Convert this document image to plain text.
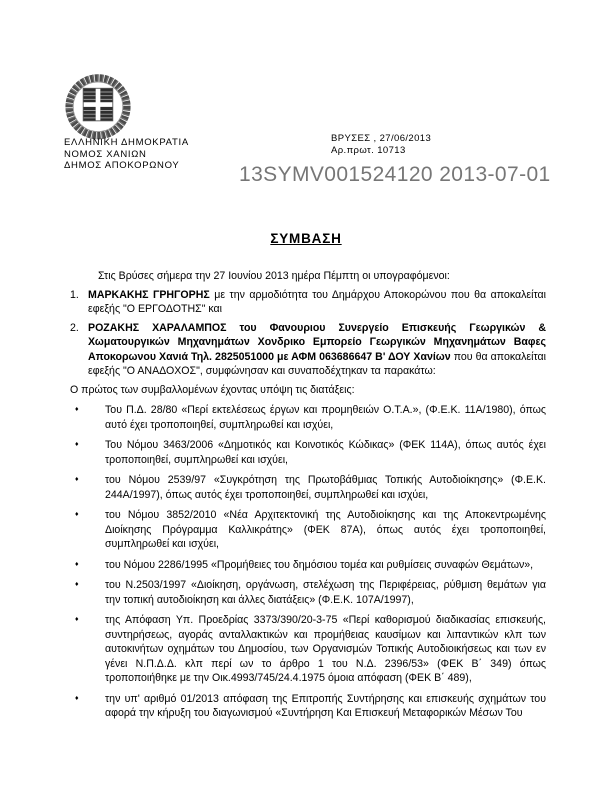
ΕΛΛΗΝΙΚΗ ΔΗΜΟΚΡΑΤΙΑ
ΝΟΜΟΣ ΧΑΝΙΩΝ
ΔΗΜΟΣ ΑΠΟΚΟΡΩΝΟΥ
ΒΡΥΣΕΣ , 27/06/2013
Αρ.πρωτ. 10713
13SYMV001524120 2013-07-01
ΣΥΜΒΑΣΗ

Στις Βρύσες σήμερα την 27 Ιουνίου 2013 ημέρα Πέμπτη οι υπογραφόμενοι:

1. ΜΑΡΚΑΚΗΣ ΓΡΗΓΟΡΗΣ με την αρμοδιότητα του Δημάρχου Αποκορώνου που θα αποκαλείται εφεξής "Ο ΕΡΓΟΔΟΤΗΣ" και
2. ΡΟΖΑΚΗΣ ΧΑΡΑΛΑΜΠΟΣ του Φανουριου Συνεργείο Επισκευής Γεωργικών & Χωματουργικών Μηχανημάτων Χονδρικο Εμπορείο Γεωργικών Μηχανημάτων Βαφες Αποκορωνου Χανιά Τηλ. 2825051000 με ΑΦΜ 063686647 Β' ΔΟΥ Χανίων που θα αποκαλείται εφεξής "Ο ΑΝΑΔΟΧΟΣ", συμφώνησαν και συναποδέχτηκαν τα παρακάτω:

Ο πρώτος των συμβαλλομένων έχοντας υπόψη τις διατάξεις:

♦	Του Π.Δ. 28/80 «Περί εκτελέσεως έργων και προμηθειών Ο.Τ.Α.», (Φ.Ε.Κ. 11Α/1980), όπως αυτό έχει τροποποιηθεί, συμπληρωθεί και ισχύει,
♦	Του Νόμου 3463/2006 «Δημοτικός και Κοινοτικός Κώδικας» (ΦΕΚ 114Α), όπως αυτός έχει τροποποιηθεί, συμπληρωθεί και ισχύει,
♦	του Νόμου 2539/97 «Συγκρότηση της Πρωτοβάθμιας Τοπικής Αυτοδιοίκησης» (Φ.Ε.Κ. 244Α/1997), όπως αυτός έχει τροποποιηθεί, συμπληρωθεί και ισχύει,
♦	του Νόμου 3852/2010 «Νέα Αρχιτεκτονική της Αυτοδιοίκησης και της Αποκεντρωμένης Διοίκησης Πρόγραμμα Καλλικράτης» (ΦΕΚ 87Α), όπως αυτός έχει τροποποιηθεί, συμπληρωθεί και ισχύει,
♦	του Νόμου 2286/1995 «Προμήθειες του δημόσιου τομέα και ρυθμίσεις συναφών Θεμάτων»,
♦	του Ν.2503/1997 «Διοίκηση, οργάνωση, στελέχωση της Περιφέρειας, ρύθμιση θεμάτων για την τοπική αυτοδιοίκηση και άλλες διατάξεις» (Φ.Ε.Κ. 107Α/1997),
♦	της Απόφαση Υπ. Προεδρίας 3373/390/20-3-75 «Περί καθορισμού διαδικασίας επισκευής, συντηρήσεως, αγοράς ανταλλακτικών και προμήθειας καυσίμων και λιπαντικών κλπ των αυτοκινήτων οχημάτων του Δημοσίου, των Οργανισμών Τοπικής Αυτοδιοικήσεως και των εν γένει Ν.Π.Δ.Δ. κλπ περί ων το άρθρο 1 του Ν.Δ. 2396/53» (ΦΕΚ Β΄ 349) όπως τροποποιήθηκε με την Οικ.4993/745/24.4.1975 όμοια απόφαση (ΦΕΚ Β΄ 489),
♦	την υπ' αριθμό 01/2013 απόφαση της Επιτροπής Συντήρησης και επισκευής σχημάτων του αφορά την κήρυξη του διαγωνισμού «Συντήρηση Και Επισκευή Μεταφορικών Μέσων Του
